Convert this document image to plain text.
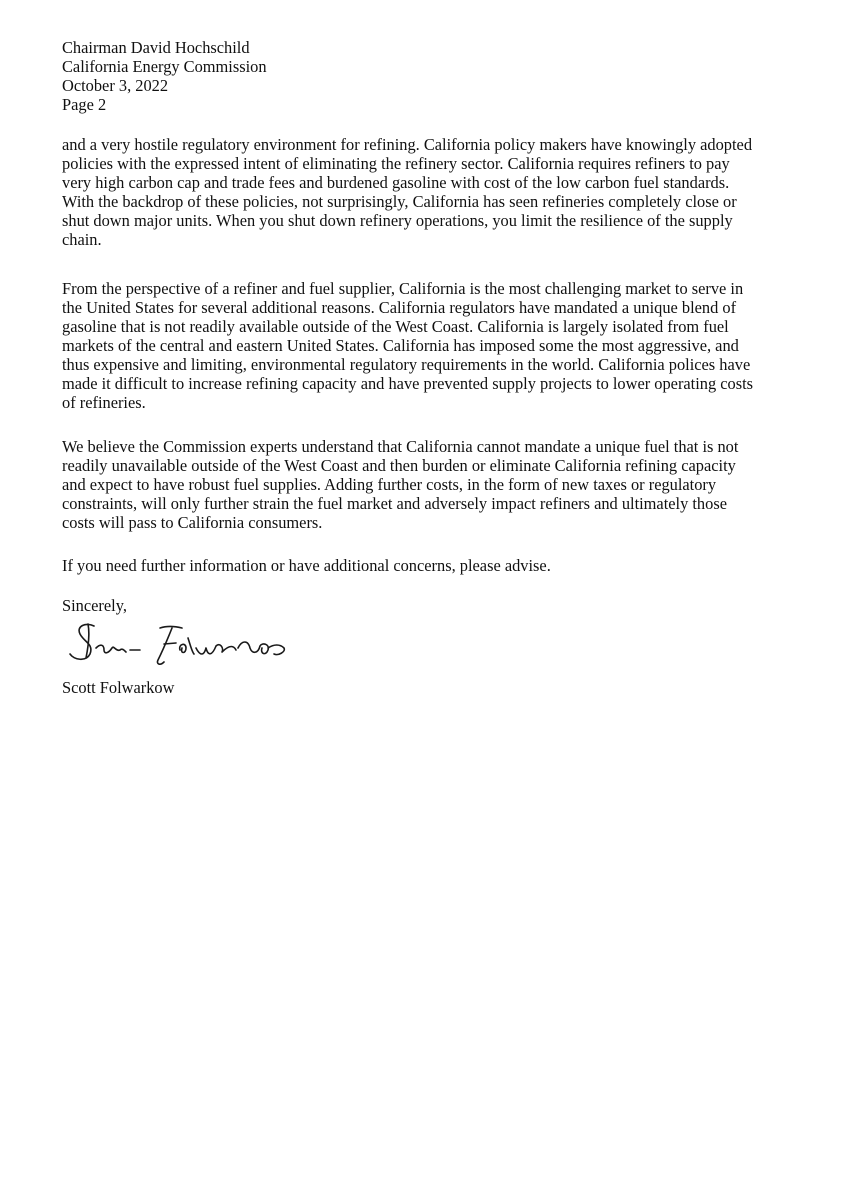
Chairman David Hochschild
California Energy Commission
October 3, 2022
Page 2
and a very hostile regulatory environment for refining. California policy makers have knowingly adopted
policies with the expressed intent of eliminating the refinery sector. California requires refiners to pay
very high carbon cap and trade fees and burdened gasoline with cost of the low carbon fuel standards.
With the backdrop of these policies, not surprisingly, California has seen refineries completely close or
shut down major units. When you shut down refinery operations, you limit the resilience of the supply
chain.
From the perspective of a refiner and fuel supplier, California is the most challenging market to serve in
the United States for several additional reasons. California regulators have mandated a unique blend of
gasoline that is not readily available outside of the West Coast. California is largely isolated from fuel
markets of the central and eastern United States. California has imposed some the most aggressive, and
thus expensive and limiting, environmental regulatory requirements in the world. California polices have
made it difficult to increase refining capacity and have prevented supply projects to lower operating costs
of refineries.
We believe the Commission experts understand that California cannot mandate a unique fuel that is not
readily unavailable outside of the West Coast and then burden or eliminate California refining capacity
and expect to have robust fuel supplies. Adding further costs, in the form of new taxes or regulatory
constraints, will only further strain the fuel market and adversely impact refiners and ultimately those
costs will pass to California consumers.
If you need further information or have additional concerns, please advise.
Sincerely,
Scott Folwarkow
